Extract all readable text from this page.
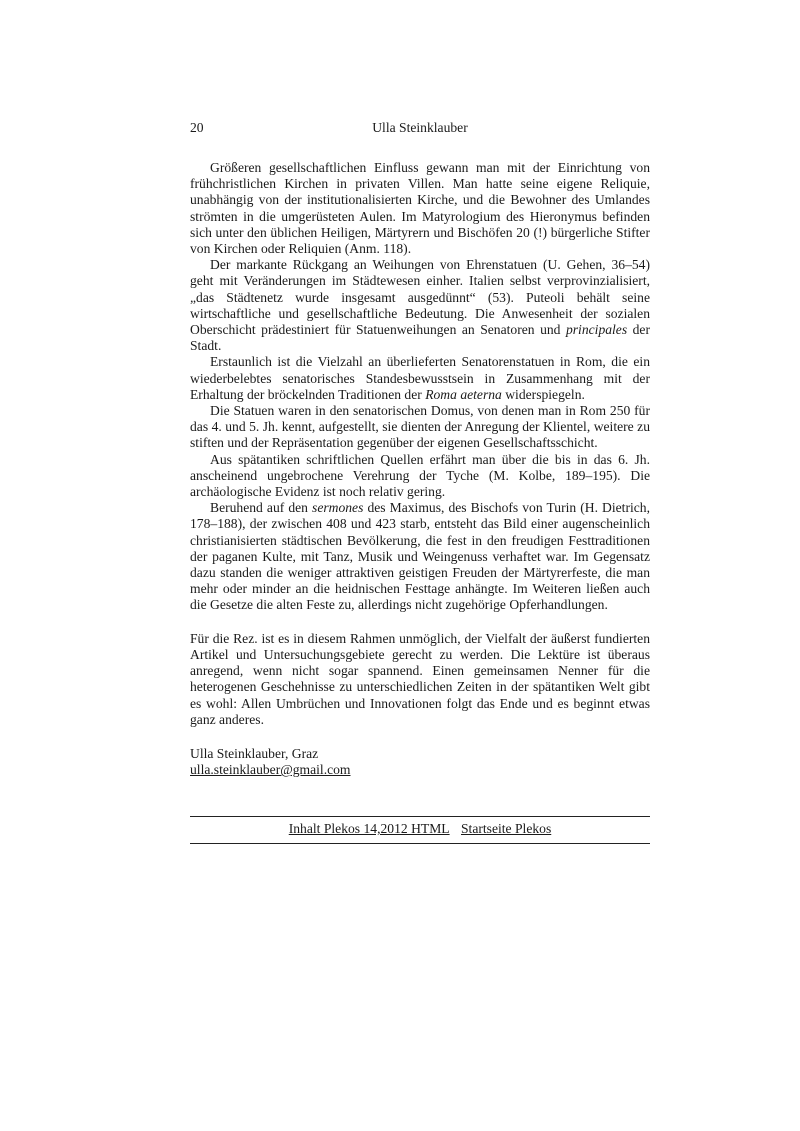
20	Ulla Steinklauber

Größeren gesellschaftlichen Einfluss gewann man mit der Einrichtung von frühchristlichen Kirchen in privaten Villen. Man hatte seine eigene Reliquie, unabhängig von der institutionalisierten Kirche, und die Bewohner des Umlandes strömten in die umgerüsteten Aulen. Im Matyrologium des Hieronymus befinden sich unter den üblichen Heiligen, Märtyrern und Bischöfen 20 (!) bürgerliche Stifter von Kirchen oder Reliquien (Anm. 118).

Der markante Rückgang an Weihungen von Ehrenstatuen (U. Gehen, 36–54) geht mit Veränderungen im Städtewesen einher. Italien selbst verprovinzialisiert, „das Städtenetz wurde insgesamt ausgedünnt“ (53). Puteoli behält seine wirtschaftliche und gesellschaftliche Bedeutung. Die Anwesenheit der sozialen Oberschicht prädestiniert für Statuenweihungen an Senatoren und principales der Stadt.

Erstaunlich ist die Vielzahl an überlieferten Senatorenstatuen in Rom, die ein wiederbelebtes senatorisches Standesbewusstsein in Zusammenhang mit der Erhaltung der bröckelnden Traditionen der Roma aeterna widerspiegeln.

Die Statuen waren in den senatorischen Domus, von denen man in Rom 250 für das 4. und 5. Jh. kennt, aufgestellt, sie dienten der Anregung der Klientel, weitere zu stiften und der Repräsentation gegenüber der eigenen Gesellschaftsschicht.

Aus spätantiken schriftlichen Quellen erfährt man über die bis in das 6. Jh. anscheinend ungebrochene Verehrung der Tyche (M. Kolbe, 189–195). Die archäologische Evidenz ist noch relativ gering.

Beruhend auf den sermones des Maximus, des Bischofs von Turin (H. Dietrich, 178–188), der zwischen 408 und 423 starb, entsteht das Bild einer augenscheinlich christianisierten städtischen Bevölkerung, die fest in den freudigen Festtraditionen der paganen Kulte, mit Tanz, Musik und Weingenuss verhaftet war. Im Gegensatz dazu standen die weniger attraktiven geistigen Freuden der Märtyrerfeste, die man mehr oder minder an die heidnischen Festtage anhängte. Im Weiteren ließen auch die Gesetze die alten Feste zu, allerdings nicht zugehörige Opferhandlungen.

Für die Rez. ist es in diesem Rahmen unmöglich, der Vielfalt der äußerst fundierten Artikel und Untersuchungsgebiete gerecht zu werden. Die Lektüre ist überaus anregend, wenn nicht sogar spannend. Einen gemeinsamen Nenner für die heterogenen Geschehnisse zu unterschiedlichen Zeiten in der spätantiken Welt gibt es wohl: Allen Umbrüchen und Innovationen folgt das Ende und es beginnt etwas ganz anderes.

Ulla Steinklauber, Graz
ulla.steinklauber@gmail.com
Inhalt Plekos 14,2012 HTML Startseite Plekos
